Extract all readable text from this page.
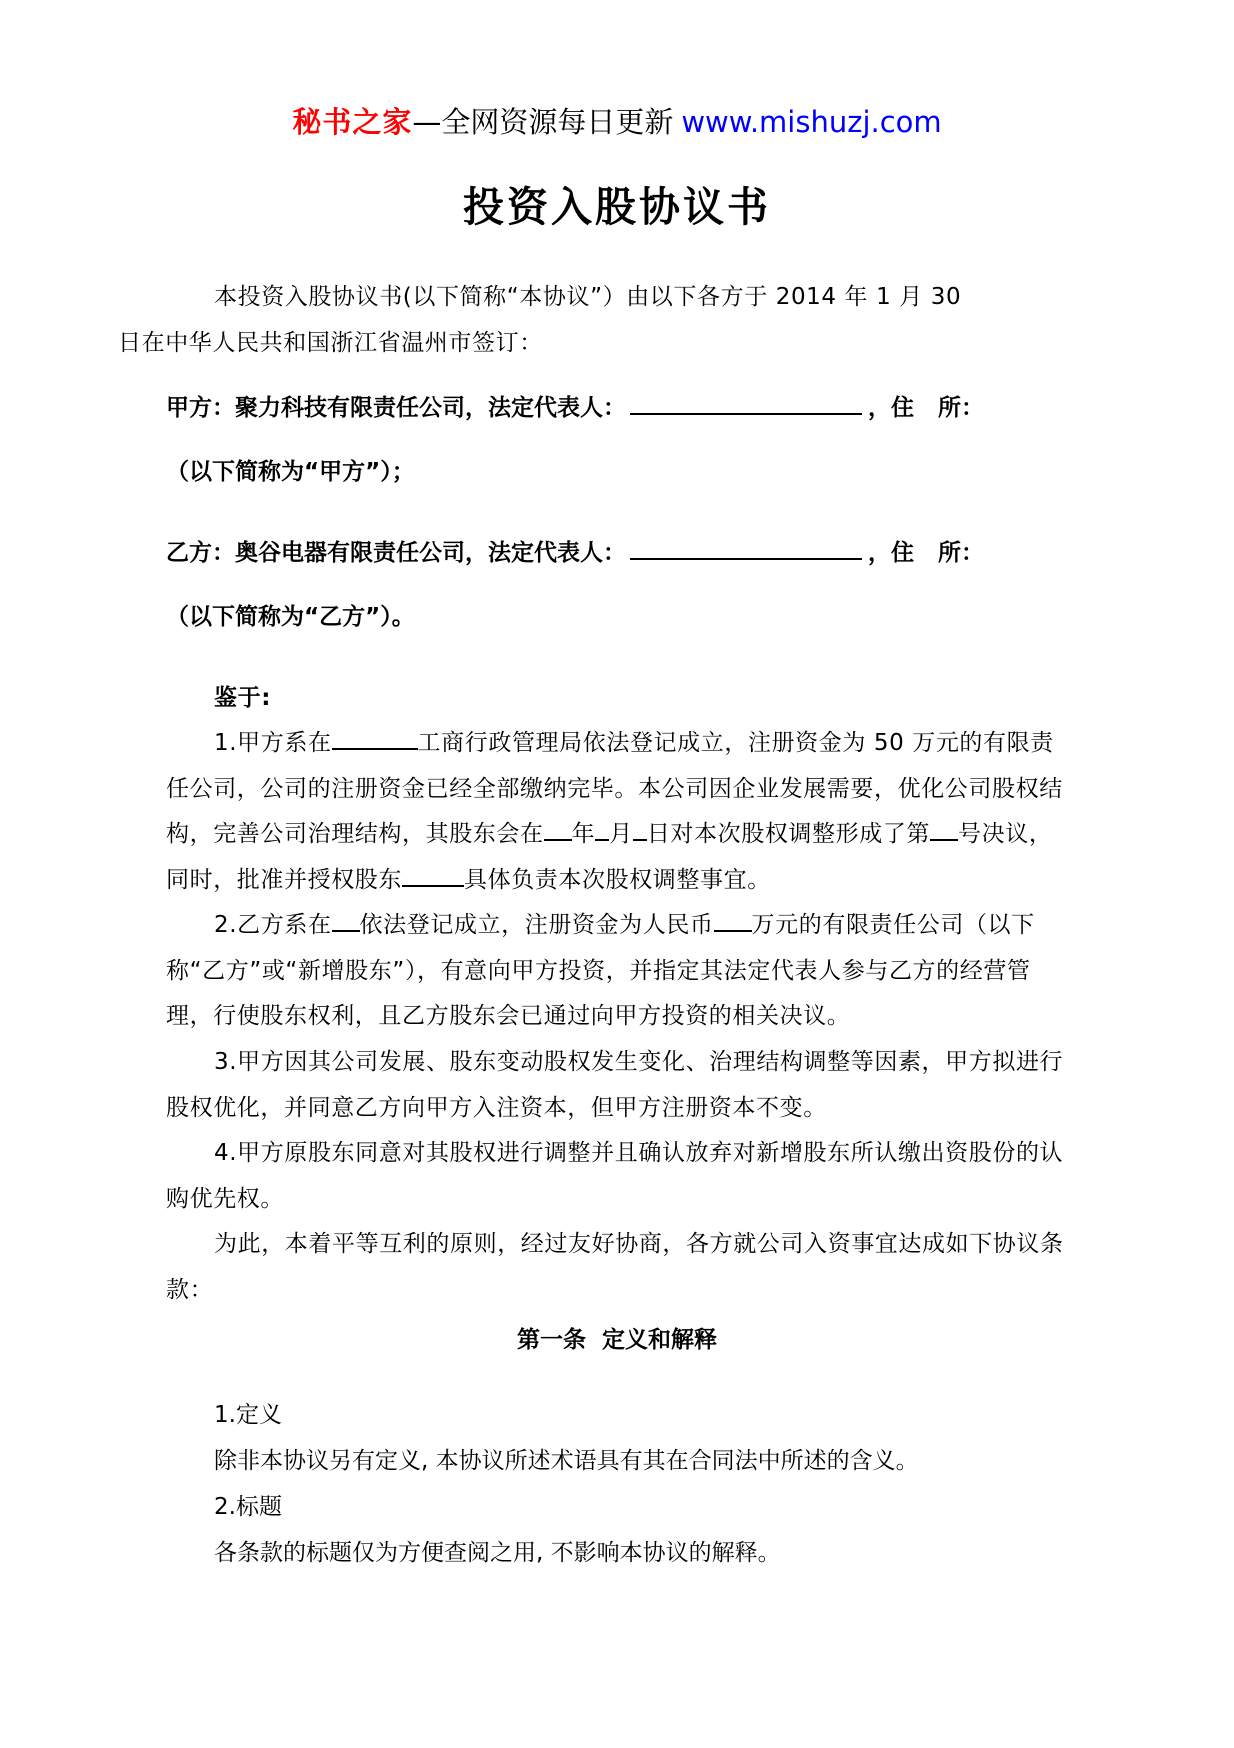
秘书之家—全网资源每日更新 www.mishuzj.com
投资入股协议书
本投资入股协议书(以下简称“本协议”）由以下各方于 2014 年 1 月 30
日在中华人民共和国浙江省温州市签订：
甲方：聚力科技有限责任公司，法定代表人：	，住   所：
（以下简称为“甲方”）；
乙方：奥谷电器有限责任公司，法定代表人：	，住   所：
（以下简称为“乙方”）。
鉴于:
1.甲方系在	工商行政管理局依法登记成立，注册资金为 50 万元的有限责任公司，公司的注册资金已经全部缴纳完毕。本公司因企业发展需要，优化公司股权结构，完善公司治理结构，其股东会在 年 月 日对本次股权调整形成了第 号决议，同时，批准并授权股东	具体负责本次股权调整事宜。
2.乙方系在 依法登记成立，注册资金为人民币 万元的有限责任公司（以下称“乙方”或“新增股东”），有意向甲方投资，并指定其法定代表人参与乙方的经营管理，行使股东权利，且乙方股东会已通过向甲方投资的相关决议。
3.甲方因其公司发展、股东变动股权发生变化、治理结构调整等因素，甲方拟进行股权优化，并同意乙方向甲方入注资本，但甲方注册资本不变。
4.甲方原股东同意对其股权进行调整并且确认放弃对新增股东所认缴出资股份的认购优先权。
为此，本着平等互利的原则，经过友好协商，各方就公司入资事宜达成如下协议条款：
第一条  定义和解释
1.定义
除非本协议另有定义, 本协议所述术语具有其在合同法中所述的含义。
2.标题
各条款的标题仅为方便查阅之用, 不影响本协议的解释。
